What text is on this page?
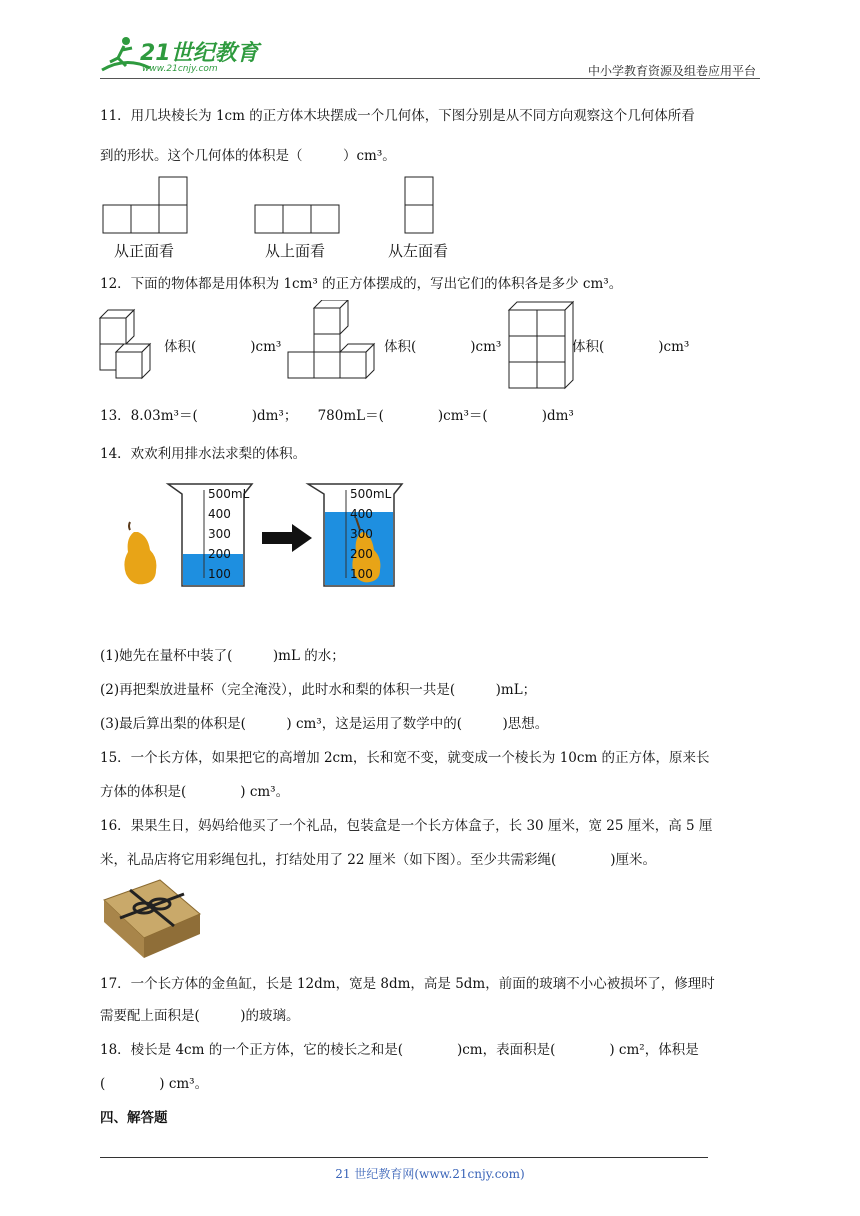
21世纪教育
www.21cnjy.com	中小学教育资源及组卷应用平台
11．用几块棱长为 1cm 的正方体木块摆成一个几何体，下图分别是从不同方向观察这个几何体所看
到的形状。这个几何体的体积是（　　　）cm³。
从正面看	从上面看	从左面看
12．下面的物体都是用体积为 1cm³ 的正方体摆成的，写出它们的体积各是多少 cm³。
体积(　　　　)cm³	体积(　　　　)cm³	体积(　　　　)cm³
13．8.03m³＝(　　　　)dm³；　　780mL＝(　　　　)cm³＝(　　　　)dm³
14．欢欢利用排水法求梨的体积。
500mL
400
300
200
100
500mL
400
300
200
100
(1)她先在量杯中装了(　　　)mL 的水；
(2)再把梨放进量杯（完全淹没），此时水和梨的体积一共是(　　　)mL；
(3)最后算出梨的体积是(　　　) cm³，这是运用了数学中的(　　　)思想。
15．一个长方体，如果把它的高增加 2cm，长和宽不变，就变成一个棱长为 10cm 的正方体，原来长
方体的体积是(　　　　) cm³。
16．果果生日，妈妈给他买了一个礼品，包装盒是一个长方体盒子，长 30 厘米，宽 25 厘米，高 5 厘
米，礼品店将它用彩绳包扎，打结处用了 22 厘米（如下图）。至少共需彩绳(　　　　)厘米。
17．一个长方体的金鱼缸，长是 12dm，宽是 8dm，高是 5dm，前面的玻璃不小心被损坏了，修理时
需要配上面积是(　　　)的玻璃。
18．棱长是 4cm 的一个正方体，它的棱长之和是(　　　　)cm，表面积是(　　　　) cm²，体积是
(　　　　) cm³。
四、解答题
21 世纪教育网(www.21cnjy.com)
